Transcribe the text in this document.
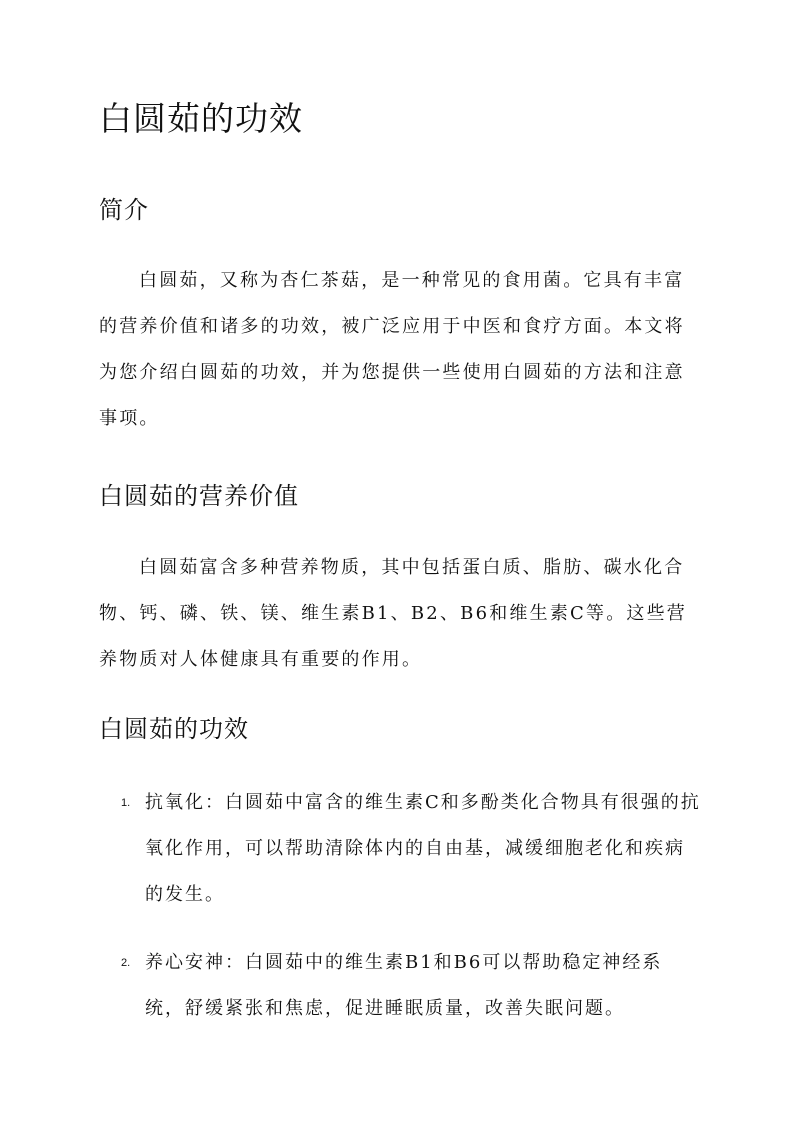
白圆茹的功效
简介

白圆茹，又称为杏仁茶菇，是一种常见的食用菌。它具有丰富的营养价值和诸多的功效，被广泛应用于中医和食疗方面。本文将为您介绍白圆茹的功效，并为您提供一些使用白圆茹的方法和注意事项。

白圆茹的营养价值

白圆茹富含多种营养物质，其中包括蛋白质、脂肪、碳水化合物、钙、磷、铁、镁、维生素B1、B2、B6和维生素C等。这些营养物质对人体健康具有重要的作用。

白圆茹的功效
1. 抗氧化：白圆茹中富含的维生素C和多酚类化合物具有很强的抗氧化作用，可以帮助清除体内的自由基，减缓细胞老化和疾病的发生。

2. 养心安神：白圆茹中的维生素B1和B6可以帮助稳定神经系统，舒缓紧张和焦虑，促进睡眠质量，改善失眠问题。
